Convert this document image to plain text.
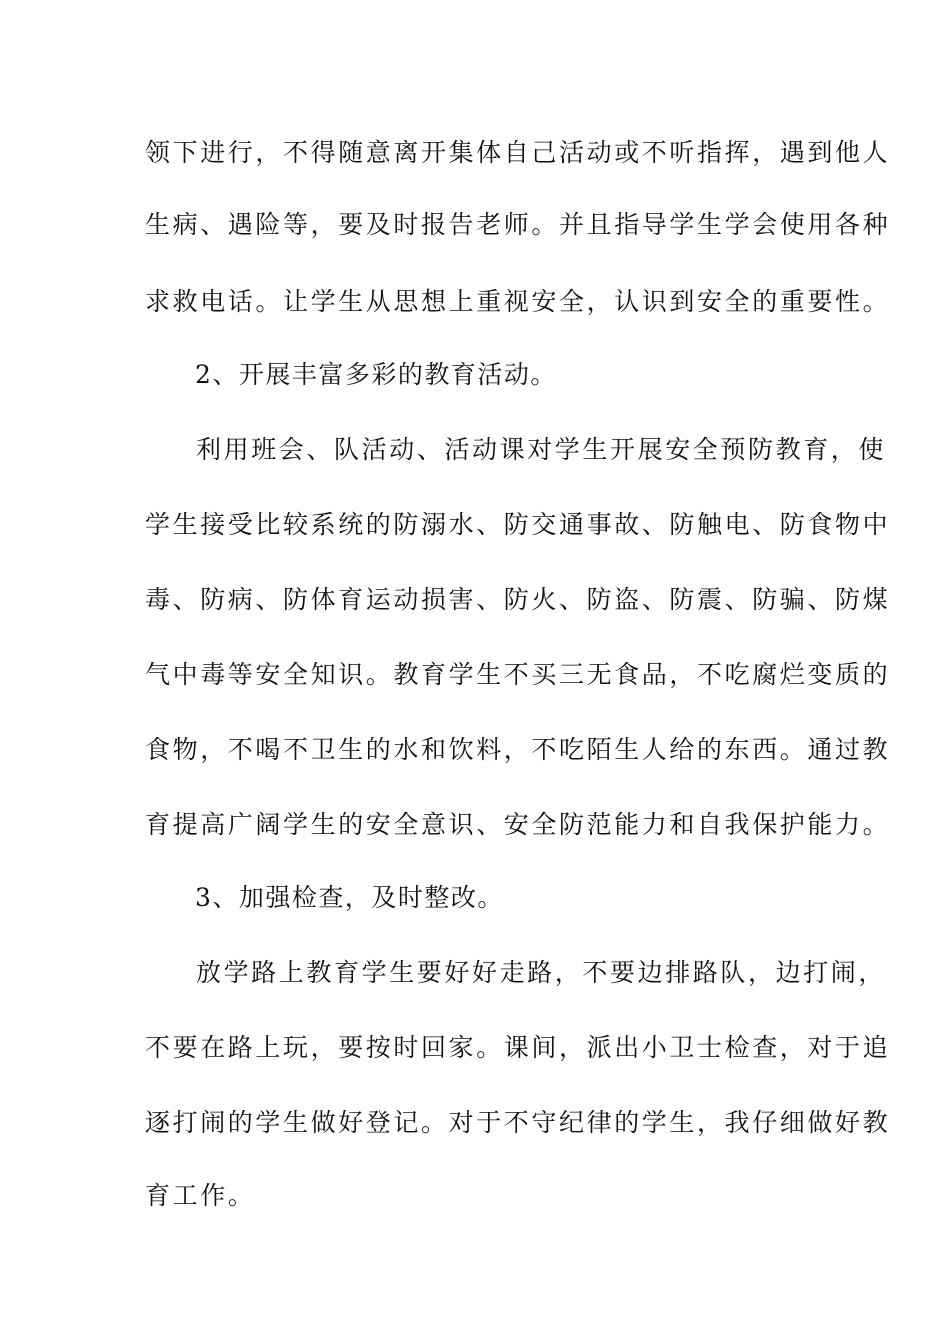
领下进行，不得随意离开集体自己活动或不听指挥，遇到他人
生病、遇险等，要及时报告老师。并且指导学生学会使用各种
求救电话。让学生从思想上重视安全，认识到安全的重要性。
2、开展丰富多彩的教育活动。
利用班会、队活动、活动课对学生开展安全预防教育，使
学生接受比较系统的防溺水、防交通事故、防触电、防食物中
毒、防病、防体育运动损害、防火、防盗、防震、防骗、防煤
气中毒等安全知识。教育学生不买三无食品，不吃腐烂变质的
食物，不喝不卫生的水和饮料，不吃陌生人给的东西。通过教
育提高广阔学生的安全意识、安全防范能力和自我保护能力。
3、加强检查，及时整改。
放学路上教育学生要好好走路，不要边排路队，边打闹，
不要在路上玩，要按时回家。课间，派出小卫士检查，对于追
逐打闹的学生做好登记。对于不守纪律的学生，我仔细做好教
育工作。
